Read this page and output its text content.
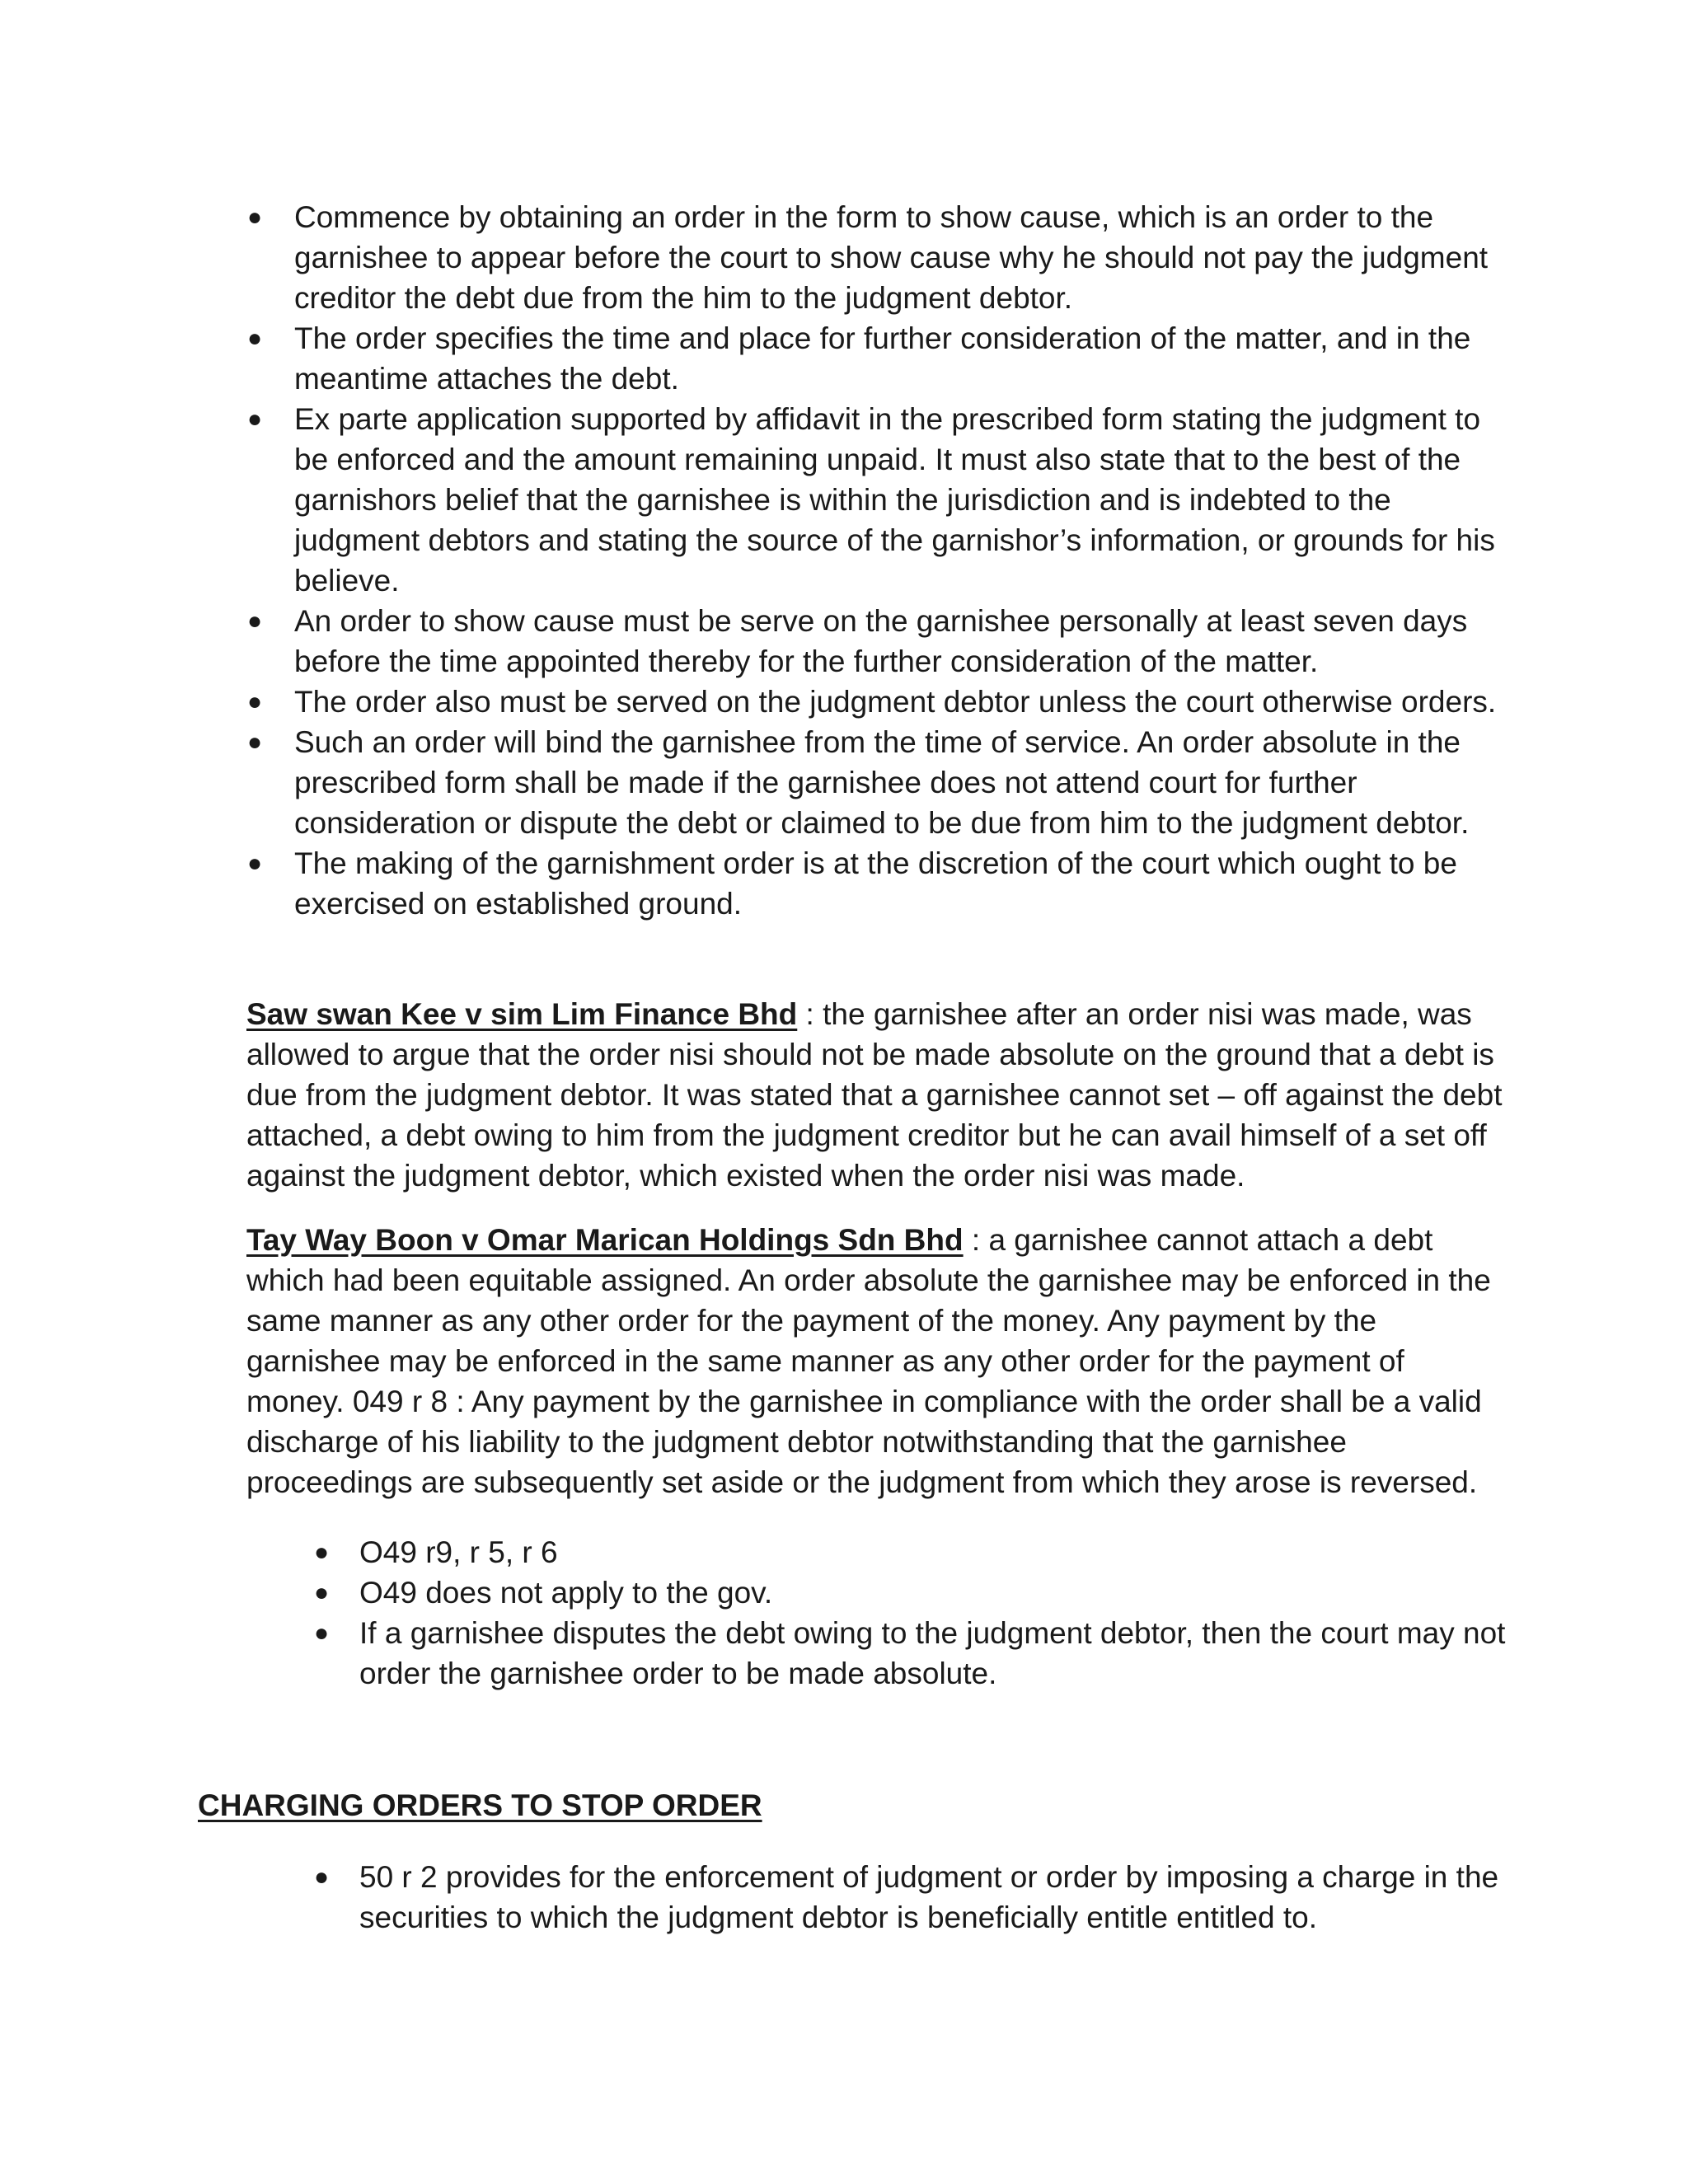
● Commence by obtaining an order in the form to show cause, which is an order to the garnishee to appear before the court to show cause why he should not pay the judgment creditor the debt due from the him to the judgment debtor.
● The order specifies the time and place for further consideration of the matter, and in the meantime attaches the debt.
● Ex parte application supported by affidavit in the prescribed form stating the judgment to be enforced and the amount remaining unpaid. It must also state that to the best of the garnishors belief that the garnishee is within the jurisdiction and is indebted to the judgment debtors and stating the source of the garnishor’s information, or grounds for his believe.
● An order to show cause must be serve on the garnishee personally at least seven days before the time appointed thereby for the further consideration of the matter.
● The order also must be served on the judgment debtor unless the court otherwise orders.
● Such an order will bind the garnishee from the time of service. An order absolute in the prescribed form shall be made if the garnishee does not attend court for further consideration or dispute the debt or claimed to be due from him to the judgment debtor.
● The making of the garnishment order is at the discretion of the court which ought to be exercised on established ground.

Saw swan Kee v sim Lim Finance Bhd : the garnishee after an order nisi was made, was allowed to argue that the order nisi should not be made absolute on the ground that a debt is due from the judgment debtor. It was stated that a garnishee cannot set – off against the debt attached, a debt owing to him from the judgment creditor but he can avail himself of a set off against the judgment debtor, which existed when the order nisi was made.

Tay Way Boon v Omar Marican Holdings Sdn Bhd : a garnishee cannot attach a debt which had been equitable assigned. An order absolute the garnishee may be enforced in the same manner as any other order for the payment of the money. Any payment by the garnishee may be enforced in the same manner as any other order for the payment of money. 049 r 8 : Any payment by the garnishee in compliance with the order shall be a valid discharge of his liability to the judgment debtor notwithstanding that the garnishee proceedings are subsequently set aside or the judgment from which they arose is reversed.

● O49 r9, r 5, r 6
● O49 does not apply to the gov.
● If a garnishee disputes the debt owing to the judgment debtor, then the court may not order the garnishee order to be made absolute.
CHARGING ORDERS TO STOP ORDER
● 50 r 2 provides for the enforcement of judgment or order by imposing a charge in the securities to which the judgment debtor is beneficially entitle entitled to.
